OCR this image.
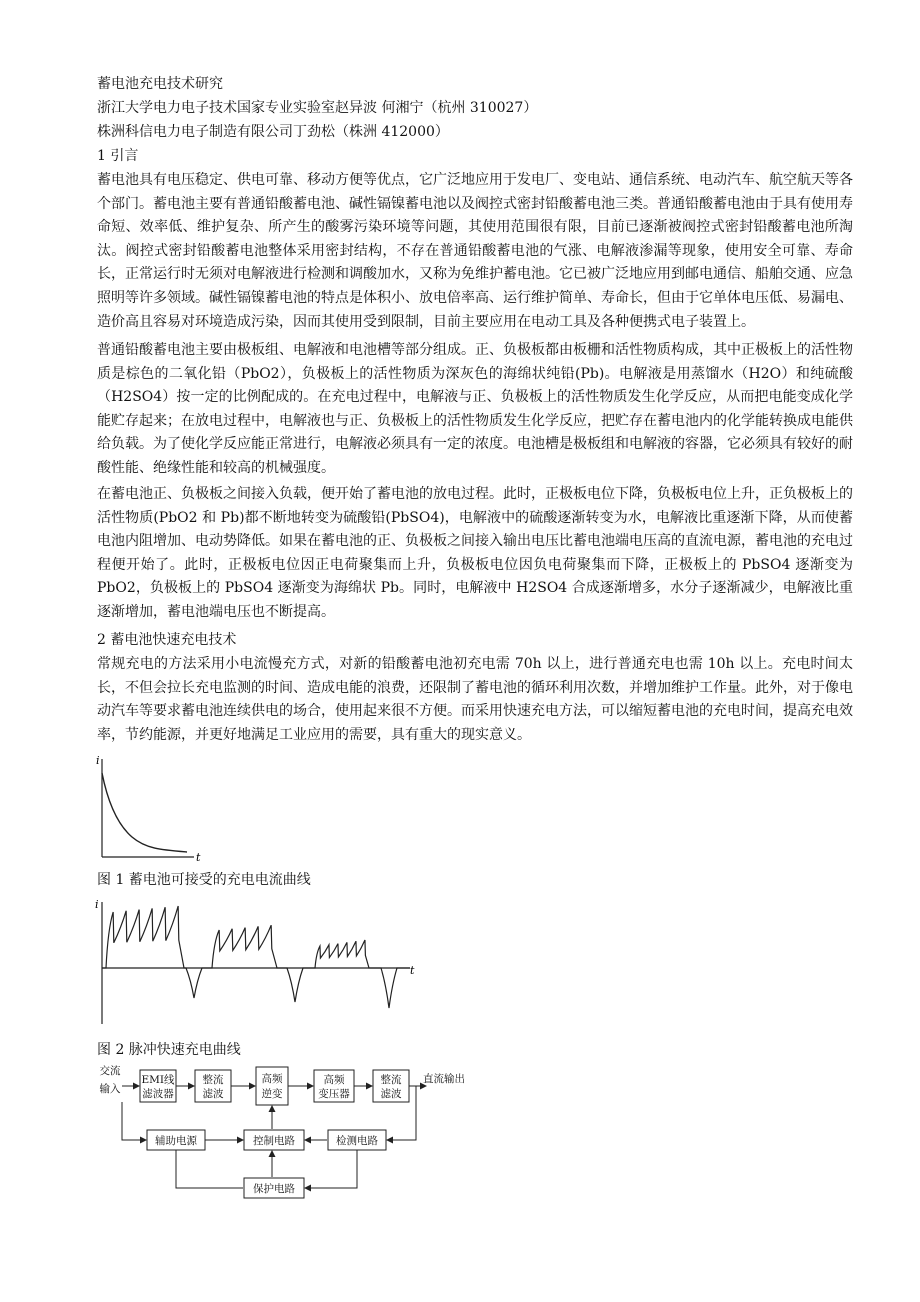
蓄电池充电技术研究

浙江大学电力电子技术国家专业实验室赵异波 何湘宁（杭州 310027）

株洲科信电力电子制造有限公司丁劲松（株洲 412000）

1 引言

蓄电池具有电压稳定、供电可靠、移动方便等优点，它广泛地应用于发电厂、变电站、通信系统、电动汽车、航空航天等各个部门。蓄电池主要有普通铅酸蓄电池、碱性镉镍蓄电池以及阀控式密封铅酸蓄电池三类。普通铅酸蓄电池由于具有使用寿命短、效率低、维护复杂、所产生的酸雾污染环境等问题，其使用范围很有限，目前已逐渐被阀控式密封铅酸蓄电池所淘汰。阀控式密封铅酸蓄电池整体采用密封结构，不存在普通铅酸蓄电池的气涨、电解液渗漏等现象，使用安全可靠、寿命长，正常运行时无须对电解液进行检测和调酸加水，又称为免维护蓄电池。它已被广泛地应用到邮电通信、船舶交通、应急照明等许多领域。碱性镉镍蓄电池的特点是体积小、放电倍率高、运行维护简单、寿命长，但由于它单体电压低、易漏电、造价高且容易对环境造成污染，因而其使用受到限制，目前主要应用在电动工具及各种便携式电子装置上。

普通铅酸蓄电池主要由极板组、电解液和电池槽等部分组成。正、负极板都由板栅和活性物质构成，其中正极板上的活性物质是棕色的二氧化铅（PbO2），负极板上的活性物质为深灰色的海绵状纯铅(Pb)。电解液是用蒸馏水（H2O）和纯硫酸（H2SO4）按一定的比例配成的。在充电过程中，电解液与正、负极板上的活性物质发生化学反应，从而把电能变成化学能贮存起来；在放电过程中，电解液也与正、负极板上的活性物质发生化学反应，把贮存在蓄电池内的化学能转换成电能供给负载。为了使化学反应能正常进行，电解液必须具有一定的浓度。电池槽是极板组和电解液的容器，它必须具有较好的耐酸性能、绝缘性能和较高的机械强度。

在蓄电池正、负极板之间接入负载，便开始了蓄电池的放电过程。此时，正极板电位下降，负极板电位上升，正负极板上的活性物质(PbO2 和 Pb)都不断地转变为硫酸铅(PbSO4)，电解液中的硫酸逐渐转变为水，电解液比重逐渐下降，从而使蓄电池内阻增加、电动势降低。如果在蓄电池的正、负极板之间接入输出电压比蓄电池端电压高的直流电源，蓄电池的充电过程便开始了。此时，正极板电位因正电荷聚集而上升，负极板电位因负电荷聚集而下降，正极板上的 PbSO4 逐渐变为 PbO2，负极板上的 PbSO4 逐渐变为海绵状 Pb。同时，电解液中 H2SO4 合成逐渐增多，水分子逐渐减少，电解液比重逐渐增加，蓄电池端电压也不断提高。

2 蓄电池快速充电技术

常规充电的方法采用小电流慢充方式，对新的铅酸蓄电池初充电需 70h 以上，进行普通充电也需 10h 以上。充电时间太长，不但会拉长充电监测的时间、造成电能的浪费，还限制了蓄电池的循环利用次数，并增加维护工作量。此外，对于像电动汽车等要求蓄电池连续供电的场合，使用起来很不方便。而采用快速充电方法，可以缩短蓄电池的充电时间，提高充电效率，节约能源，并更好地满足工业应用的需要，具有重大的现实意义。

i
t

图 1 蓄电池可接受的充电电流曲线

i
t

图 2 脉冲快速充电曲线

交流
输入
直流输出
EMI线
滤波器
整流
滤波
高频
逆变
高频
变压器
整流
滤波
辅助电源	控制电路	检测电路
保护电路
